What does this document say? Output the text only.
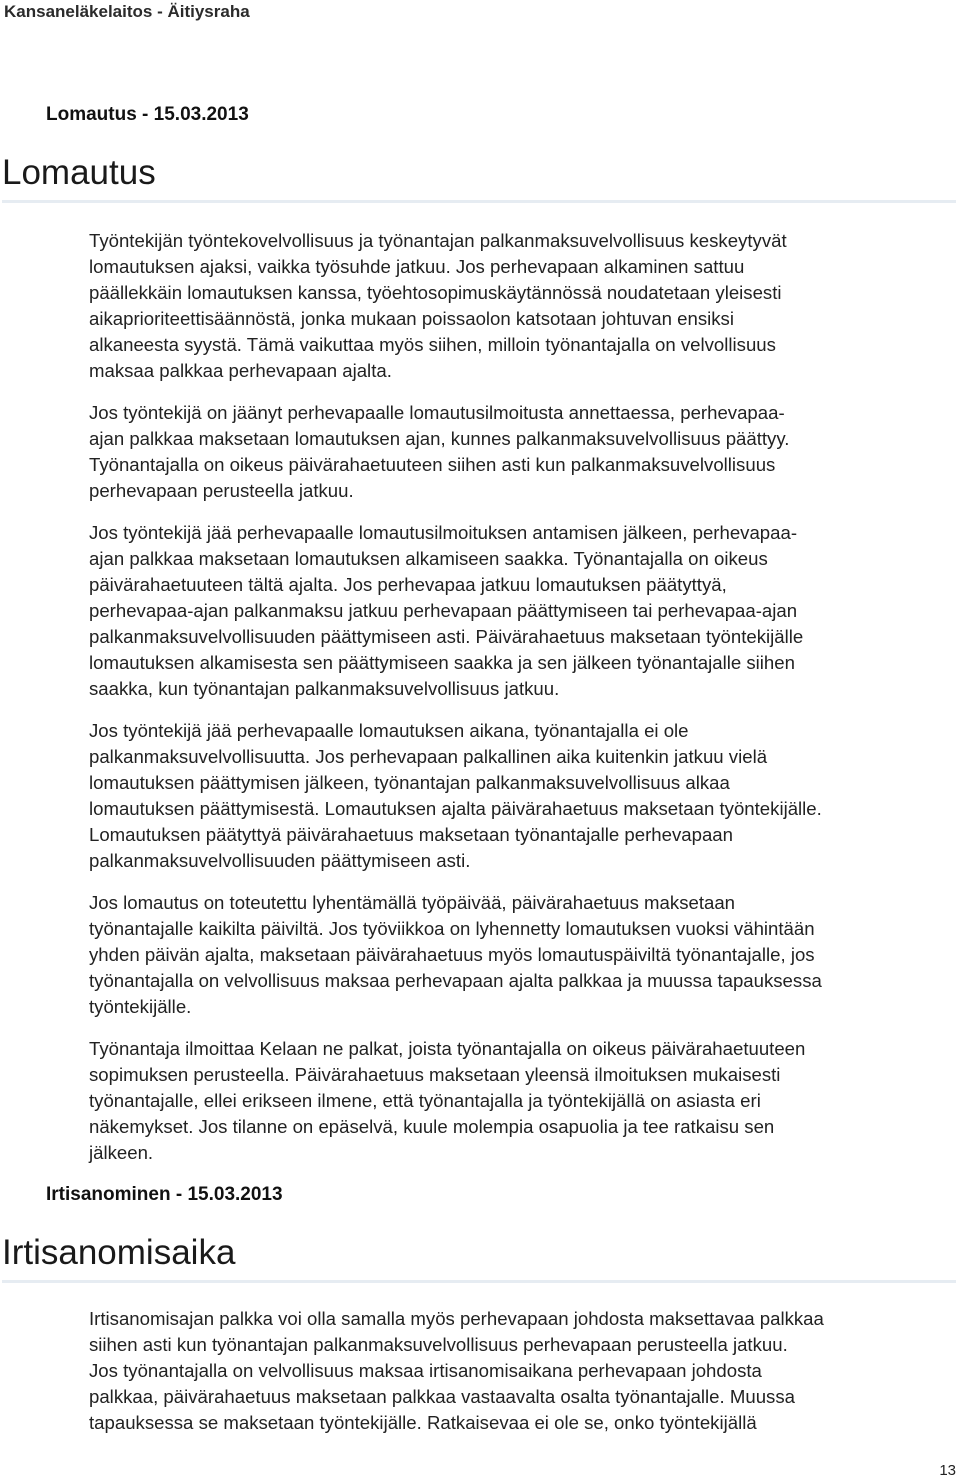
Kansaneläkelaitos - Äitiysraha
Lomautus - 15.03.2013
Lomautus

Työntekijän työntekovelvollisuus ja työnantajan palkanmaksuvelvollisuus keskeytyvät
lomautuksen ajaksi, vaikka työsuhde jatkuu. Jos perhevapaan alkaminen sattuu
päällekkäin lomautuksen kanssa, työehtosopimuskäytännössä noudatetaan yleisesti
aikaprioriteettisäännöstä, jonka mukaan poissaolon katsotaan johtuvan ensiksi
alkaneesta syystä. Tämä vaikuttaa myös siihen, milloin työnantajalla on velvollisuus
maksaa palkkaa perhevapaan ajalta.

Jos työntekijä on jäänyt perhevapaalle lomautusilmoitusta annettaessa, perhevapaa-
ajan palkkaa maksetaan lomautuksen ajan, kunnes palkanmaksuvelvollisuus päättyy.
Työnantajalla on oikeus päivärahaetuuteen siihen asti kun palkanmaksuvelvollisuus
perhevapaan perusteella jatkuu.

Jos työntekijä jää perhevapaalle lomautusilmoituksen antamisen jälkeen, perhevapaa-
ajan palkkaa maksetaan lomautuksen alkamiseen saakka. Työnantajalla on oikeus
päivärahaetuuteen tältä ajalta. Jos perhevapaa jatkuu lomautuksen päätyttyä,
perhevapaa-ajan palkanmaksu jatkuu perhevapaan päättymiseen tai perhevapaa-ajan
palkanmaksuvelvollisuuden päättymiseen asti. Päivärahaetuus maksetaan työntekijälle
lomautuksen alkamisesta sen päättymiseen saakka ja sen jälkeen työnantajalle siihen
saakka, kun työnantajan palkanmaksuvelvollisuus jatkuu.

Jos työntekijä jää perhevapaalle lomautuksen aikana, työnantajalla ei ole
palkanmaksuvelvollisuutta. Jos perhevapaan palkallinen aika kuitenkin jatkuu vielä
lomautuksen päättymisen jälkeen, työnantajan palkanmaksuvelvollisuus alkaa
lomautuksen päättymisestä. Lomautuksen ajalta päivärahaetuus maksetaan työntekijälle.
Lomautuksen päätyttyä päivärahaetuus maksetaan työnantajalle perhevapaan
palkanmaksuvelvollisuuden päättymiseen asti.

Jos lomautus on toteutettu lyhentämällä työpäivää, päivärahaetuus maksetaan
työnantajalle kaikilta päiviltä. Jos työviikkoa on lyhennetty lomautuksen vuoksi vähintään
yhden päivän ajalta, maksetaan päivärahaetuus myös lomautuspäiviltä työnantajalle, jos
työnantajalla on velvollisuus maksaa perhevapaan ajalta palkkaa ja muussa tapauksessa
työntekijälle.

Työnantaja ilmoittaa Kelaan ne palkat, joista työnantajalla on oikeus päivärahaetuuteen
sopimuksen perusteella. Päivärahaetuus maksetaan yleensä ilmoituksen mukaisesti
työnantajalle, ellei erikseen ilmene, että työnantajalla ja työntekijällä on asiasta eri
näkemykset. Jos tilanne on epäselvä, kuule molempia osapuolia ja tee ratkaisu sen
jälkeen.

Irtisanominen - 15.03.2013
Irtisanomisaika

Irtisanomisajan palkka voi olla samalla myös perhevapaan johdosta maksettavaa palkkaa
siihen asti kun työnantajan palkanmaksuvelvollisuus perhevapaan perusteella jatkuu.
Jos työnantajalla on velvollisuus maksaa irtisanomisaikana perhevapaan johdosta
palkkaa, päivärahaetuus maksetaan palkkaa vastaavalta osalta työnantajalle. Muussa
tapauksessa se maksetaan työntekijälle. Ratkaisevaa ei ole se, onko työntekijällä

13
